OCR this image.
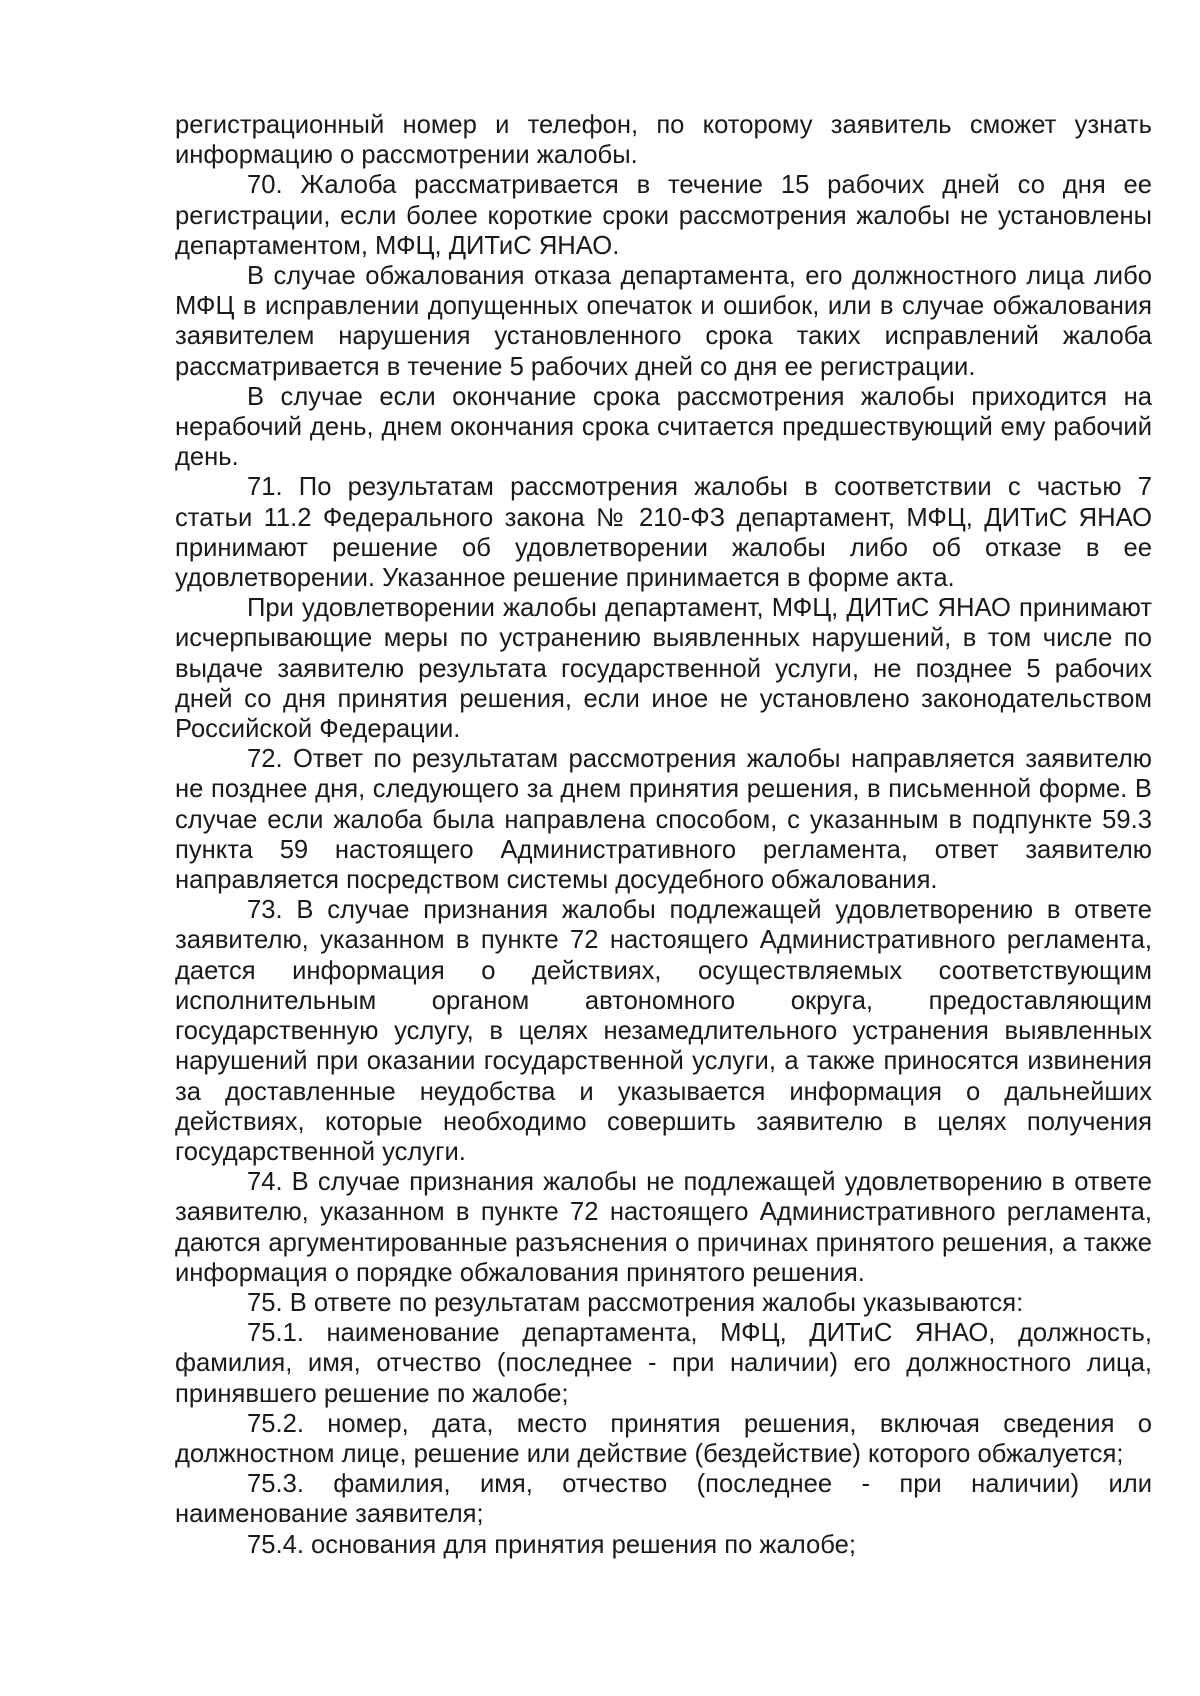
регистрационный номер и телефон, по которому заявитель сможет узнать информацию о рассмотрении жалобы.

70. Жалоба рассматривается в течение 15 рабочих дней со дня ее регистрации, если более короткие сроки рассмотрения жалобы не установлены департаментом, МФЦ, ДИТиС ЯНАО.

В случае обжалования отказа департамента, его должностного лица либо МФЦ в исправлении допущенных опечаток и ошибок, или в случае обжалования заявителем нарушения установленного срока таких исправлений жалоба рассматривается в течение 5 рабочих дней со дня ее регистрации.

В случае если окончание срока рассмотрения жалобы приходится на нерабочий день, днем окончания срока считается предшествующий ему рабочий день.

71. По результатам рассмотрения жалобы в соответствии с частью 7 статьи 11.2 Федерального закона № 210-ФЗ департамент, МФЦ, ДИТиС ЯНАО принимают решение об удовлетворении жалобы либо об отказе в ее удовлетворении. Указанное решение принимается в форме акта.

При удовлетворении жалобы департамент, МФЦ, ДИТиС ЯНАО принимают исчерпывающие меры по устранению выявленных нарушений, в том числе по выдаче заявителю результата государственной услуги, не позднее 5 рабочих дней со дня принятия решения, если иное не установлено законодательством Российской Федерации.

72. Ответ по результатам рассмотрения жалобы направляется заявителю не позднее дня, следующего за днем принятия решения, в письменной форме. В случае если жалоба была направлена способом, с указанным в подпункте 59.3 пункта 59 настоящего Административного регламента, ответ заявителю направляется посредством системы досудебного обжалования.

73. В случае признания жалобы подлежащей удовлетворению в ответе заявителю, указанном в пункте 72 настоящего Административного регламента, дается информация о действиях, осуществляемых соответствующим исполнительным органом автономного округа, предоставляющим государственную услугу, в целях незамедлительного устранения выявленных нарушений при оказании государственной услуги, а также приносятся извинения за доставленные неудобства и указывается информация о дальнейших действиях, которые необходимо совершить заявителю в целях получения государственной услуги.

74. В случае признания жалобы не подлежащей удовлетворению в ответе заявителю, указанном в пункте 72 настоящего Административного регламента, даются аргументированные разъяснения о причинах принятого решения, а также информация о порядке обжалования принятого решения.

75. В ответе по результатам рассмотрения жалобы указываются:

75.1. наименование департамента, МФЦ, ДИТиС ЯНАО, должность, фамилия, имя, отчество (последнее - при наличии) его должностного лица, принявшего решение по жалобе;

75.2. номер, дата, место принятия решения, включая сведения о должностном лице, решение или действие (бездействие) которого обжалуется;

75.3. фамилия, имя, отчество (последнее - при наличии) или наименование заявителя;

75.4. основания для принятия решения по жалобе;
